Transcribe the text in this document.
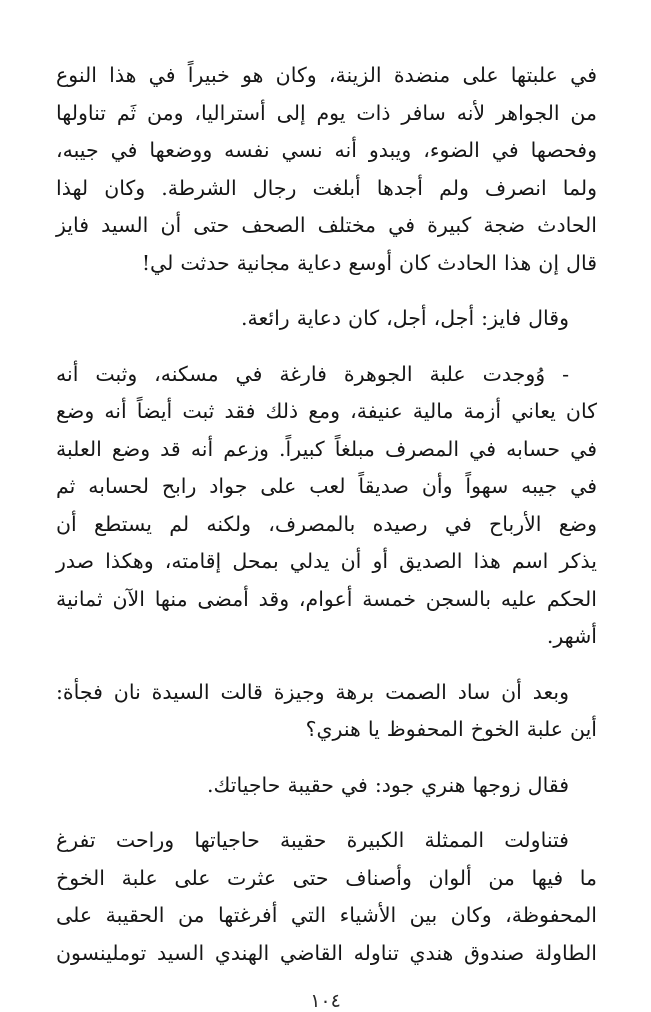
في علبتها على منضدة الزينة، وكان هو خبيراً في هذا النوع
من الجواهر لأنه سافر ذات يوم إلى أستراليا، ومن ثَم تناولها
وفحصها في الضوء، ويبدو أنه نسي نفسه ووضعها في جيبه،
ولما انصرف ولم أجدها أبلغت رجال الشرطة. وكان لهذا
الحادث ضجة كبيرة في مختلف الصحف حتى أن السيد فايز
قال إن هذا الحادث كان أوسع دعاية مجانية حدثت لي!
وقال فايز: أجل، أجل، كان دعاية رائعة.
- وُوجدت علبة الجوهرة فارغة في مسكنه، وثبت أنه
كان يعاني أزمة مالية عنيفة، ومع ذلك فقد ثبت أيضاً أنه وضع
في حسابه في المصرف مبلغاً كبيراً. وزعم أنه قد وضع العلبة
في جيبه سهواً وأن صديقاً لعب على جواد رابح لحسابه ثم
وضع الأرباح في رصيده بالمصرف، ولكنه لم يستطع أن
يذكر اسم هذا الصديق أو أن يدلي بمحل إقامته، وهكذا صدر
الحكم عليه بالسجن خمسة أعوام، وقد أمضى منها الآن ثمانية
أشهر.
وبعد أن ساد الصمت برهة وجيزة قالت السيدة نان فجأة:
أين علبة الخوخ المحفوظ يا هنري؟
فقال زوجها هنري جود: في حقيبة حاجياتك.
فتناولت الممثلة الكبيرة حقيبة حاجياتها وراحت تفرغ
ما فيها من ألوان وأصناف حتى عثرت على علبة الخوخ
المحفوظة، وكان بين الأشياء التي أفرغتها من الحقيبة على
الطاولة صندوق هندي تناوله القاضي الهندي السيد توملينسون
١٠٤
